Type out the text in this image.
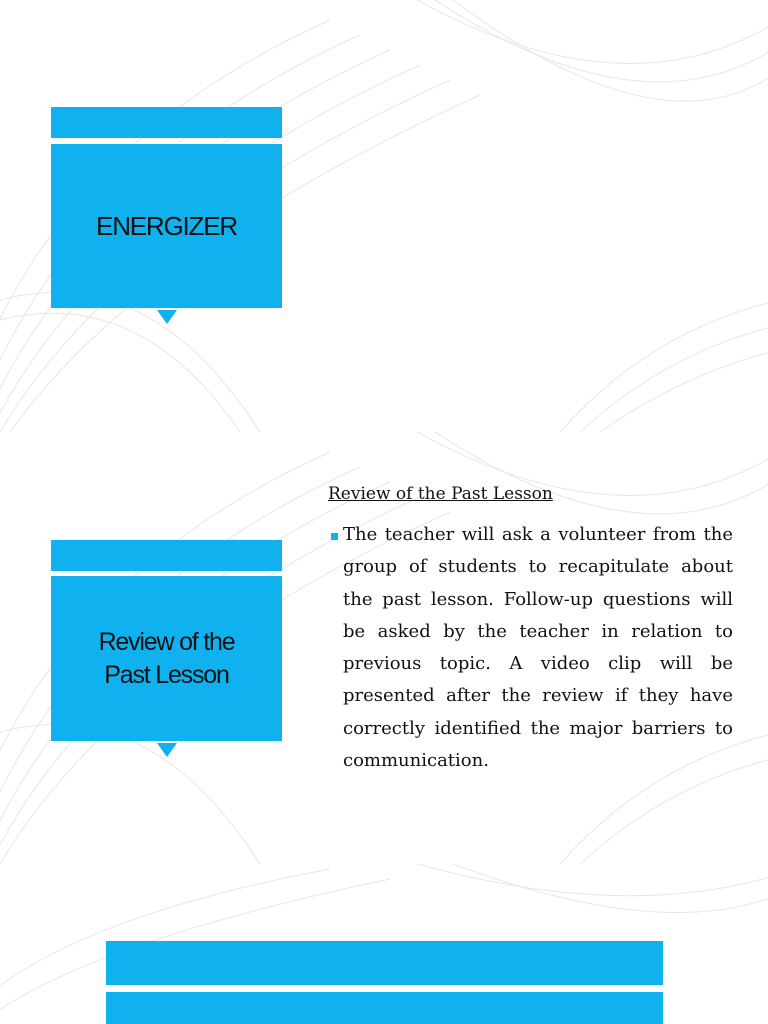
ENERGIZER
Review of the Past Lesson
Review of the Past Lesson
The teacher will ask a volunteer from the group of students to recapitulate about the past lesson. Follow-up questions will be asked by the teacher in relation to previous topic. A video clip will be presented after the review if they have correctly identified the major barriers to communication.
